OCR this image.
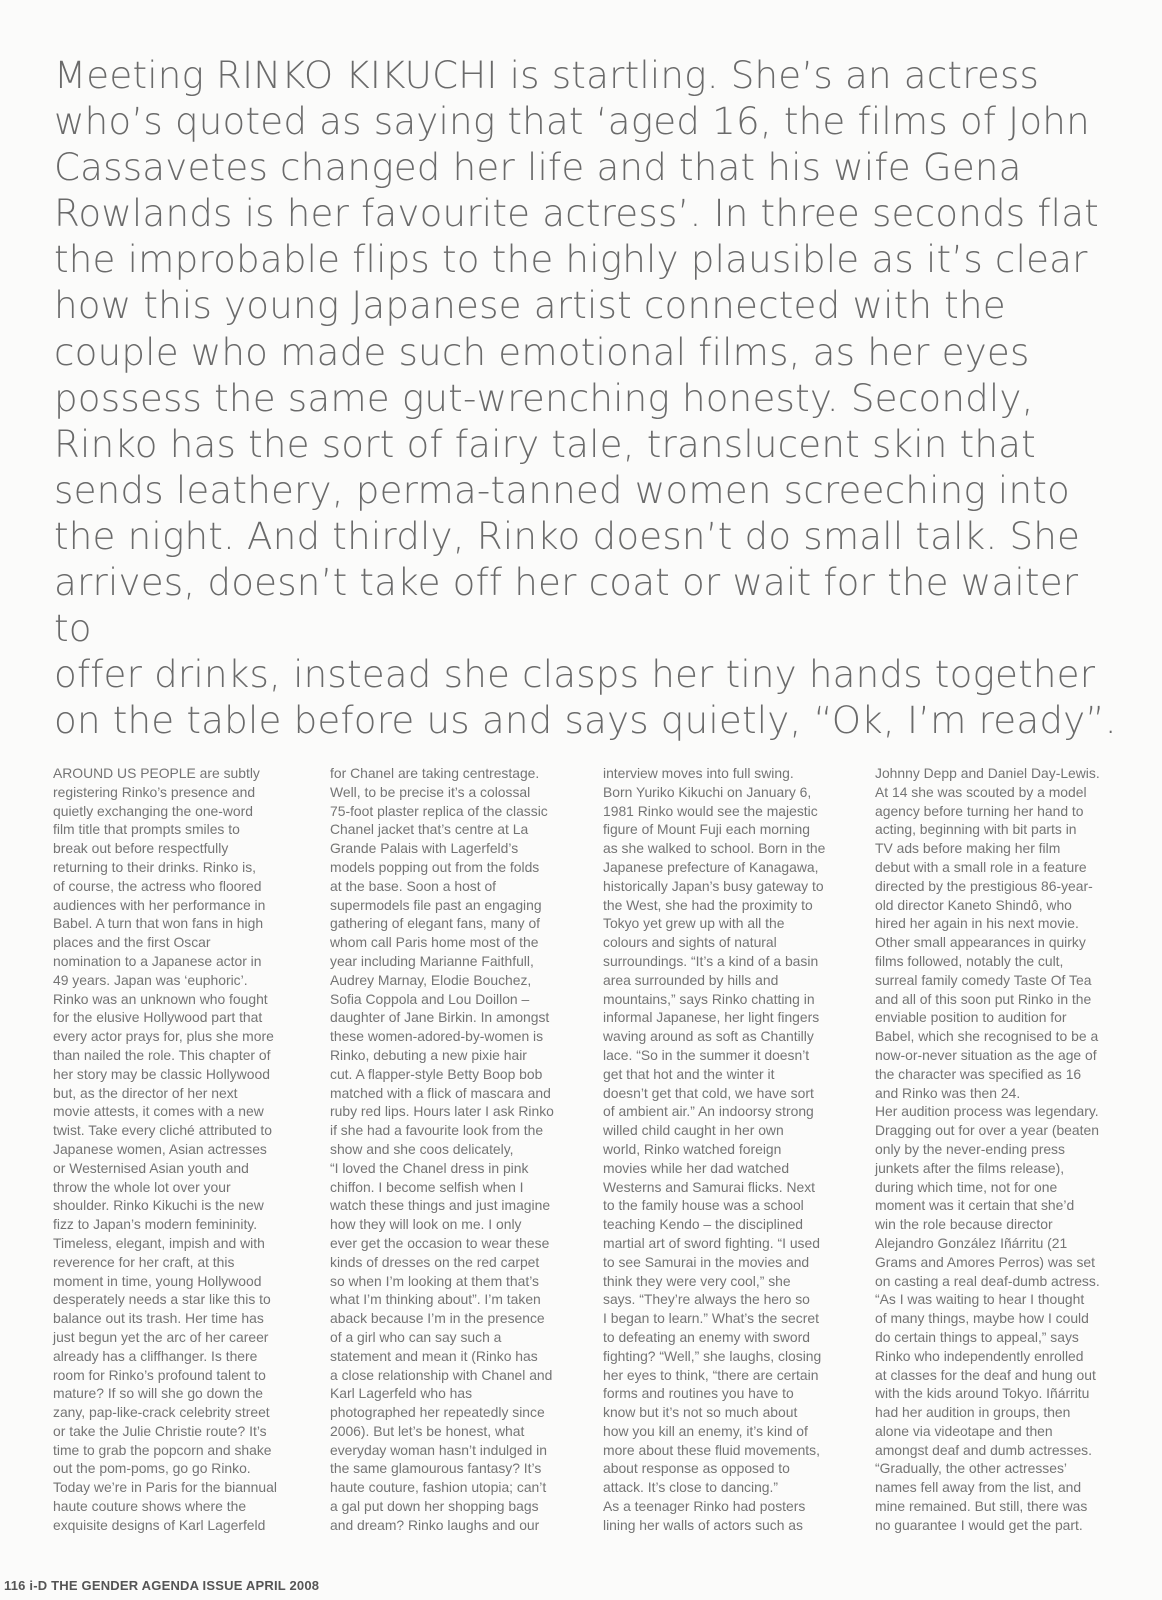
Meeting RINKO KIKUCHI is startling. She’s an actress
who’s quoted as saying that ‘aged 16, the films of John
Cassavetes changed her life and that his wife Gena
Rowlands is her favourite actress’. In three seconds flat
the improbable flips to the highly plausible as it’s clear
how this young Japanese artist connected with the
couple who made such emotional films, as her eyes
possess the same gut-wrenching honesty. Secondly,
Rinko has the sort of fairy tale, translucent skin that
sends leathery, perma-tanned women screeching into
the night. And thirdly, Rinko doesn’t do small talk. She
arrives, doesn’t take off her coat or wait for the waiter to
offer drinks, instead she clasps her tiny hands together
on the table before us and says quietly, “Ok, I’m ready”.

AROUND US PEOPLE are subtly
registering Rinko’s presence and
quietly exchanging the one-word
film title that prompts smiles to
break out before respectfully
returning to their drinks. Rinko is,
of course, the actress who floored
audiences with her performance in
Babel. A turn that won fans in high
places and the first Oscar
nomination to a Japanese actor in
49 years. Japan was ‘euphoric’.
Rinko was an unknown who fought
for the elusive Hollywood part that
every actor prays for, plus she more
than nailed the role. This chapter of
her story may be classic Hollywood
but, as the director of her next
movie attests, it comes with a new
twist. Take every cliché attributed to
Japanese women, Asian actresses
or Westernised Asian youth and
throw the whole lot over your
shoulder. Rinko Kikuchi is the new
fizz to Japan’s modern femininity.
Timeless, elegant, impish and with
reverence for her craft, at this
moment in time, young Hollywood
desperately needs a star like this to
balance out its trash. Her time has
just begun yet the arc of her career
already has a cliffhanger. Is there
room for Rinko’s profound talent to
mature? If so will she go down the
zany, pap-like-crack celebrity street
or take the Julie Christie route? It’s
time to grab the popcorn and shake
out the pom-poms, go go Rinko.
Today we’re in Paris for the biannual
haute couture shows where the
exquisite designs of Karl Lagerfeld

for Chanel are taking centrestage.
Well, to be precise it’s a colossal
75-foot plaster replica of the classic
Chanel jacket that’s centre at La
Grande Palais with Lagerfeld’s
models popping out from the folds
at the base. Soon a host of
supermodels file past an engaging
gathering of elegant fans, many of
whom call Paris home most of the
year including Marianne Faithfull,
Audrey Marnay, Elodie Bouchez,
Sofia Coppola and Lou Doillon –
daughter of Jane Birkin. In amongst
these women-adored-by-women is
Rinko, debuting a new pixie hair
cut. A flapper-style Betty Boop bob
matched with a flick of mascara and
ruby red lips. Hours later I ask Rinko
if she had a favourite look from the
show and she coos delicately,
“I loved the Chanel dress in pink
chiffon. I become selfish when I
watch these things and just imagine
how they will look on me. I only
ever get the occasion to wear these
kinds of dresses on the red carpet
so when I’m looking at them that’s
what I’m thinking about”. I’m taken
aback because I’m in the presence
of a girl who can say such a
statement and mean it (Rinko has
a close relationship with Chanel and
Karl Lagerfeld who has
photographed her repeatedly since
2006). But let’s be honest, what
everyday woman hasn’t indulged in
the same glamourous fantasy? It’s
haute couture, fashion utopia; can’t
a gal put down her shopping bags
and dream? Rinko laughs and our

interview moves into full swing.
Born Yuriko Kikuchi on January 6,
1981 Rinko would see the majestic
figure of Mount Fuji each morning
as she walked to school. Born in the
Japanese prefecture of Kanagawa,
historically Japan’s busy gateway to
the West, she had the proximity to
Tokyo yet grew up with all the
colours and sights of natural
surroundings. “It’s a kind of a basin
area surrounded by hills and
mountains,” says Rinko chatting in
informal Japanese, her light fingers
waving around as soft as Chantilly
lace. “So in the summer it doesn’t
get that hot and the winter it
doesn’t get that cold, we have sort
of ambient air.” An indoorsy strong
willed child caught in her own
world, Rinko watched foreign
movies while her dad watched
Westerns and Samurai flicks. Next
to the family house was a school
teaching Kendo – the disciplined
martial art of sword fighting. “I used
to see Samurai in the movies and
think they were very cool,” she
says. “They’re always the hero so
I began to learn.” What’s the secret
to defeating an enemy with sword
fighting? “Well,” she laughs, closing
her eyes to think, “there are certain
forms and routines you have to
know but it’s not so much about
how you kill an enemy, it’s kind of
more about these fluid movements,
about response as opposed to
attack. It’s close to dancing.”
As a teenager Rinko had posters
lining her walls of actors such as

Johnny Depp and Daniel Day-Lewis.
At 14 she was scouted by a model
agency before turning her hand to
acting, beginning with bit parts in
TV ads before making her film
debut with a small role in a feature
directed by the prestigious 86-year-
old director Kaneto Shindô, who
hired her again in his next movie.
Other small appearances in quirky
films followed, notably the cult,
surreal family comedy Taste Of Tea
and all of this soon put Rinko in the
enviable position to audition for
Babel, which she recognised to be a
now-or-never situation as the age of
the character was specified as 16
and Rinko was then 24.
Her audition process was legendary.
Dragging out for over a year (beaten
only by the never-ending press
junkets after the films release),
during which time, not for one
moment was it certain that she’d
win the role because director
Alejandro González Iñárritu (21
Grams and Amores Perros) was set
on casting a real deaf-dumb actress.
“As I was waiting to hear I thought
of many things, maybe how I could
do certain things to appeal,” says
Rinko who independently enrolled
at classes for the deaf and hung out
with the kids around Tokyo. Iñárritu
had her audition in groups, then
alone via videotape and then
amongst deaf and dumb actresses.
“Gradually, the other actresses’
names fell away from the list, and
mine remained. But still, there was
no guarantee I would get the part.

116 i-D THE GENDER AGENDA ISSUE APRIL 2008
